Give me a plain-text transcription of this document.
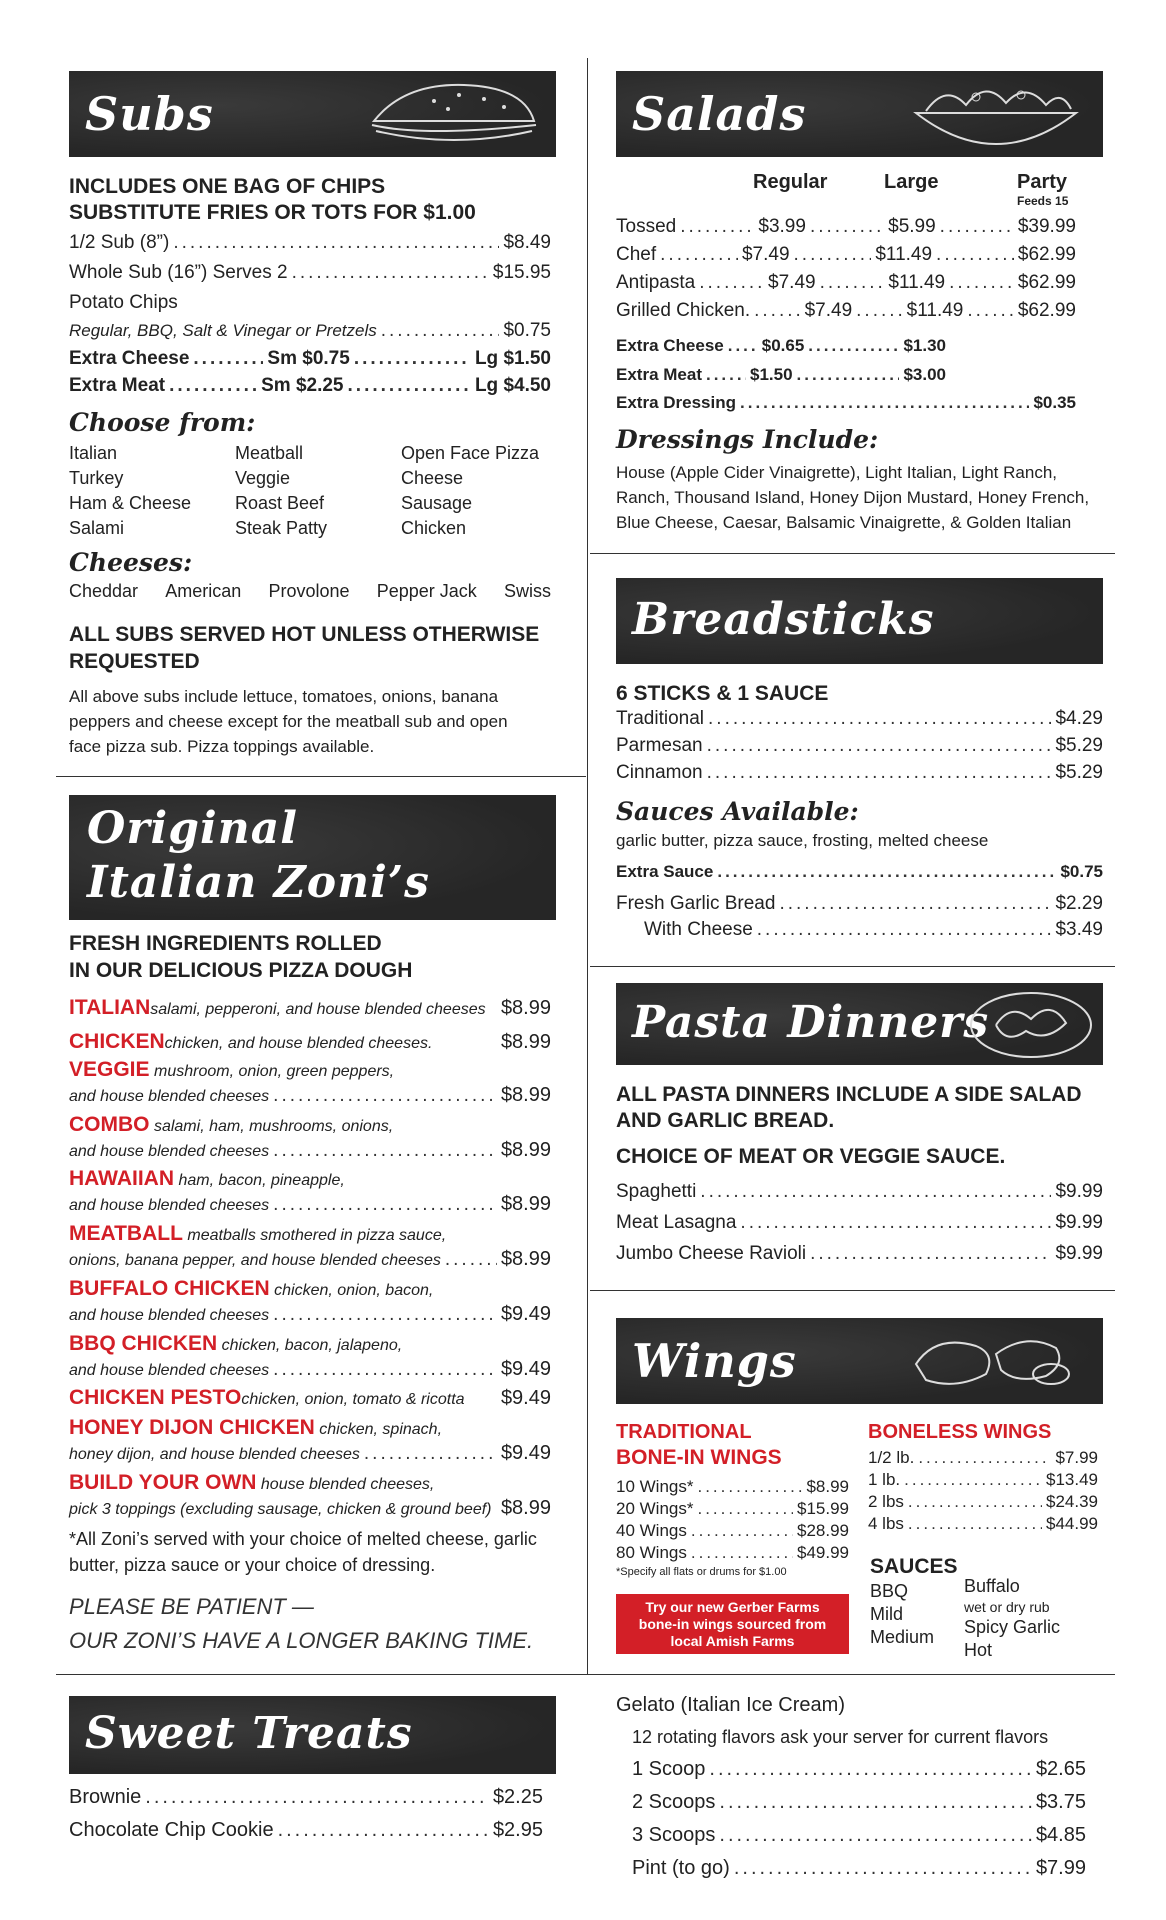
Subs
INCLUDES ONE BAG OF CHIPS
SUBSTITUTE FRIES OR TOTS FOR $1.00
1/2 Sub (8”) .....	$8.49
Whole Sub (16”) Serves 2 .....	$15.95
Potato Chips
Regular, BBQ, Salt & Vinegar or Pretzels .....	$0.75
Extra Cheese .....	Sm $0.75 .....	Lg $1.50
Extra Meat .....	Sm $2.25 .....	Lg $4.50
Choose from:
Italian	Meatball	Open Face Pizza
Turkey	Veggie	Cheese
Ham & Cheese	Roast Beef	Sausage
Salami	Steak Patty	Chicken
Cheeses:
Cheddar American Provolone Pepper Jack Swiss
ALL SUBS SERVED HOT UNLESS OTHERWISE
REQUESTED
All above subs include lettuce, tomatoes, onions, banana
peppers and cheese except for the meatball sub and open
face pizza sub. Pizza toppings available.
Original
Italian Zoni’s
FRESH INGREDIENTS ROLLED
IN OUR DELICIOUS PIZZA DOUGH
ITALIAN salami, pepperoni, and house blended cheeses $8.99
CHICKEN chicken, and house blended cheeses.	$8.99
VEGGIE mushroom, onion, green peppers,
and house blended cheeses .....	$8.99
COMBO salami, ham, mushrooms, onions,
and house blended cheeses .....	$8.99
HAWAIIAN ham, bacon, pineapple,
and house blended cheeses .....	$8.99
MEATBALL meatballs smothered in pizza sauce,
onions, banana pepper, and house blended cheeses .....	$8.99
BUFFALO CHICKEN chicken, onion, bacon,
and house blended cheeses .....	$9.49
BBQ CHICKEN chicken, bacon, jalapeno,
and house blended cheeses .....	$9.49
CHICKEN PESTO chicken, onion, tomato & ricotta $9.49
HONEY DIJON CHICKEN chicken, spinach,
honey dijon, and house blended cheeses .....	$9.49
BUILD YOUR OWN house blended cheeses,
pick 3 toppings (excluding sausage, chicken & ground beef) ..... $8.99
*All Zoni’s served with your choice of melted cheese, garlic
butter, pizza sauce or your choice of dressing.
PLEASE BE PATIENT —
OUR ZONI’S HAVE A LONGER BAKING TIME.
Sweet Treats
Brownie .....	$2.25
Chocolate Chip Cookie .....	$2.95
Salads
Regular	Large	Party
Feeds 15
Tossed .....	$3.99 .....	$5.99 .....	$39.99
Chef .....	$7.49 .....	$11.49 .....	$62.99
Antipasta .....	$7.49 .....	$11.49 .....	$62.99
Grilled Chicken. .....	$7.49 .....	$11.49 .....	$62.99
Extra Cheese ..... $0.65 .....	$1.30
Extra Meat .....	$1.50 .....	$3.00
Extra Dressing .....	$0.35
Dressings Include:
House (Apple Cider Vinaigrette), Light Italian, Light Ranch,
Ranch, Thousand Island, Honey Dijon Mustard, Honey French,
Blue Cheese, Caesar, Balsamic Vinaigrette, & Golden Italian
Breadsticks
6 STICKS & 1 SAUCE
Traditional .....	$4.29
Parmesan .....	$5.29
Cinnamon .....	$5.29
Sauces Available:
garlic butter, pizza sauce, frosting, melted cheese
Extra Sauce .....	$0.75
Fresh Garlic Bread .....	$2.29
With Cheese .....	$3.49
Pasta Dinners
ALL PASTA DINNERS INCLUDE A SIDE SALAD
AND GARLIC BREAD.
CHOICE OF MEAT OR VEGGIE SAUCE.
Spaghetti .....	$9.99
Meat Lasagna .....	$9.99
Jumbo Cheese Ravioli .....	$9.99
Wings
TRADITIONAL
BONE-IN WINGS
10 Wings* .....	$8.99
20 Wings* .....	$15.99
40 Wings .....	$28.99
80 Wings .....	$49.99
*Specify all flats or drums for $1.00
Try our new Gerber Farms
bone-in wings sourced from
local Amish Farms
BONELESS WINGS
1/2 lb. .....	$7.99
1 lb. .....	$13.49
2 lbs .....	$24.39
4 lbs .....	$44.99
SAUCES
BBQ
Mild
Medium
Buffalo
wet or dry rub
Spicy Garlic
Hot
Gelato (Italian Ice Cream)
12 rotating flavors ask your server for current flavors
1 Scoop .....	$2.65
2 Scoops .....	$3.75
3 Scoops .....	$4.85
Pint (to go) .....	$7.99
